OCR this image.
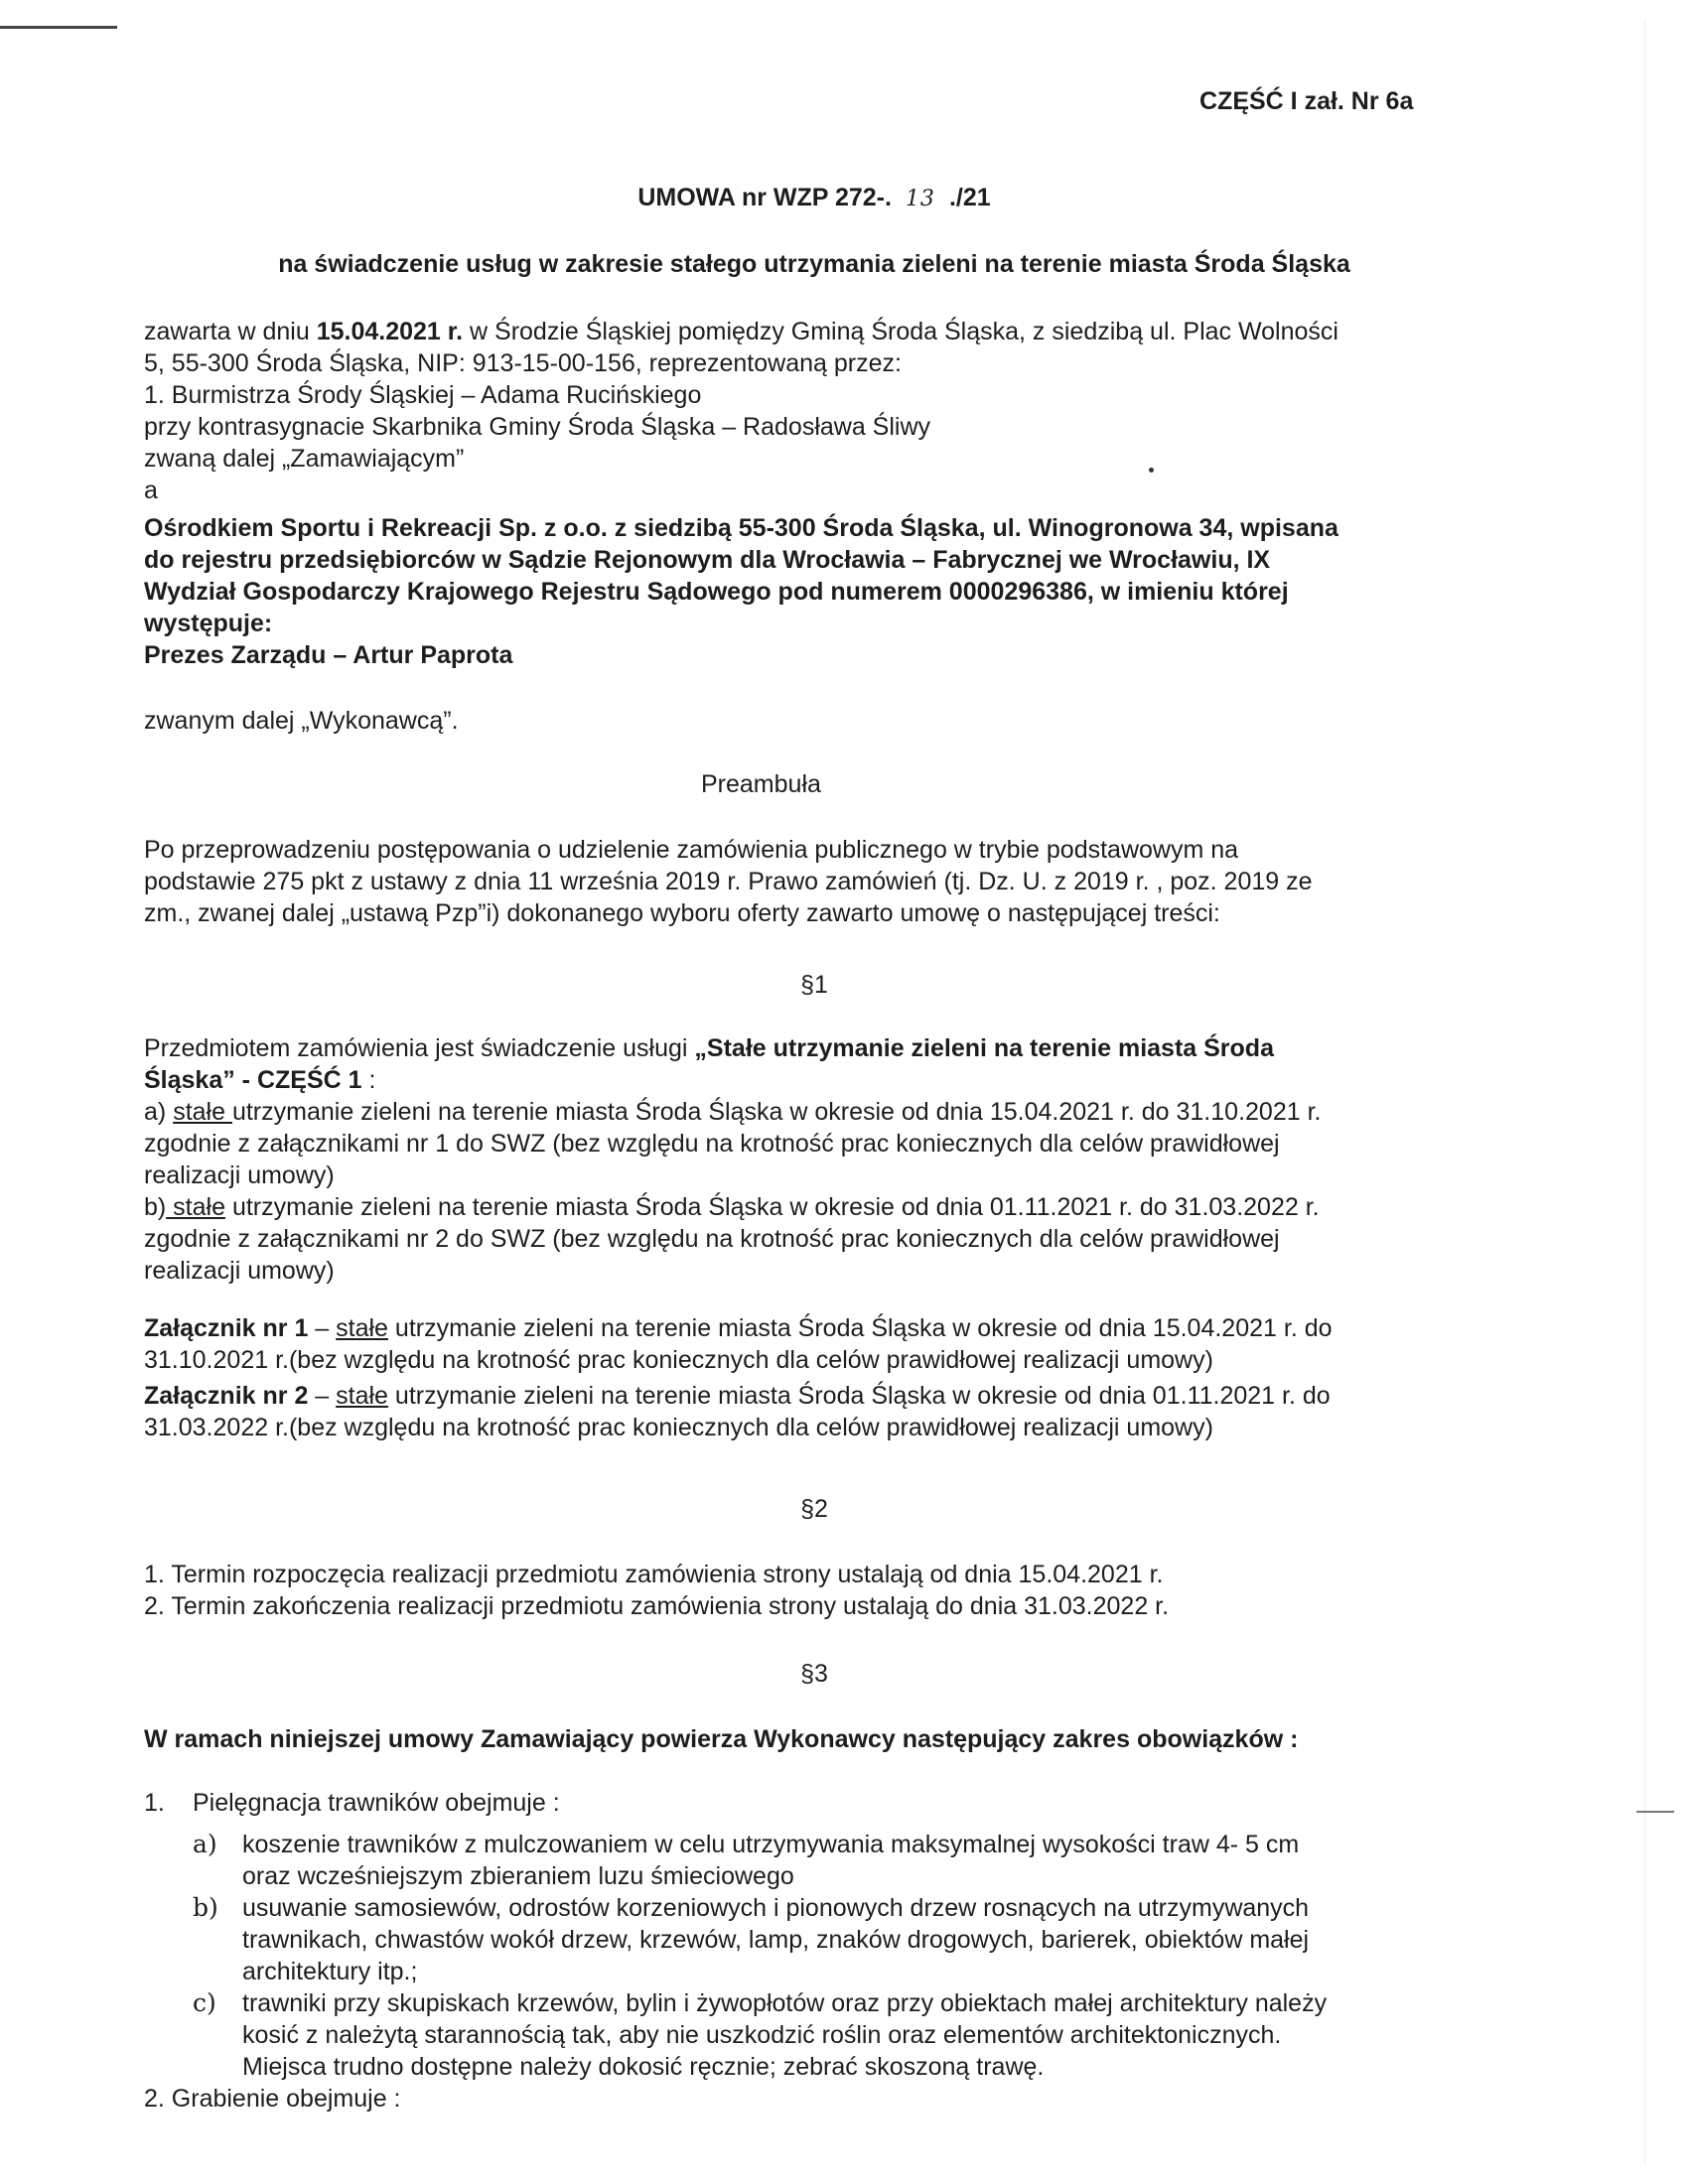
CZĘŚĆ I zał. Nr 6a
UMOWA nr WZP 272-. 13 ./21
na świadczenie usług w zakresie stałego utrzymania zieleni na terenie miasta Środa Śląska
zawarta w dniu 15.04.2021 r. w Środzie Śląskiej pomiędzy Gminą Środa Śląska, z siedzibą ul. Plac Wolności
5, 55-300 Środa Śląska, NIP: 913-15-00-156, reprezentowaną przez:
1. Burmistrza Środy Śląskiej – Adama Rucińskiego
przy kontrasygnacie Skarbnika Gminy Środa Śląska – Radosława Śliwy
zwaną dalej „Zamawiającym”
a
Ośrodkiem Sportu i Rekreacji Sp. z o.o. z siedzibą 55-300 Środa Śląska, ul. Winogronowa 34, wpisana
do rejestru przedsiębiorców w Sądzie Rejonowym dla Wrocławia – Fabrycznej we Wrocławiu, IX
Wydział Gospodarczy Krajowego Rejestru Sądowego pod numerem 0000296386, w imieniu której
występuje:
Prezes Zarządu – Artur Paprota
zwanym dalej „Wykonawcą”.
Preambuła
Po przeprowadzeniu postępowania o udzielenie zamówienia publicznego w trybie podstawowym na
podstawie 275 pkt z ustawy z dnia 11 września 2019 r. Prawo zamówień (tj. Dz. U. z 2019 r. , poz. 2019 ze
zm., zwanej dalej „ustawą Pzp”i) dokonanego wyboru oferty zawarto umowę o następującej treści:
§1
Przedmiotem zamówienia jest świadczenie usługi „Stałe utrzymanie zieleni na terenie miasta Środa
Śląska” - CZĘŚĆ 1 :
a) stałe utrzymanie zieleni na terenie miasta Środa Śląska w okresie od dnia 15.04.2021 r. do 31.10.2021 r.
zgodnie z załącznikami nr 1 do SWZ (bez względu na krotność prac koniecznych dla celów prawidłowej
realizacji umowy)
b) stałe utrzymanie zieleni na terenie miasta Środa Śląska w okresie od dnia 01.11.2021 r. do 31.03.2022 r.
zgodnie z załącznikami nr 2 do SWZ (bez względu na krotność prac koniecznych dla celów prawidłowej
realizacji umowy)
Załącznik nr 1 – stałe utrzymanie zieleni na terenie miasta Środa Śląska w okresie od dnia 15.04.2021 r. do
31.10.2021 r.(bez względu na krotność prac koniecznych dla celów prawidłowej realizacji umowy)
Załącznik nr 2 – stałe utrzymanie zieleni na terenie miasta Środa Śląska w okresie od dnia 01.11.2021 r. do
31.03.2022 r.(bez względu na krotność prac koniecznych dla celów prawidłowej realizacji umowy)
§2
1. Termin rozpoczęcia realizacji przedmiotu zamówienia strony ustalają od dnia 15.04.2021 r.
2. Termin zakończenia realizacji przedmiotu zamówienia strony ustalają do dnia 31.03.2022 r.
§3
W ramach niniejszej umowy Zamawiający powierza Wykonawcy następujący zakres obowiązków :
1. Pielęgnacja trawników obejmuje :
a) koszenie trawników z mulczowaniem w celu utrzymywania maksymalnej wysokości traw 4- 5 cm
oraz wcześniejszym zbieraniem luzu śmieciowego
b) usuwanie samosiewów, odrostów korzeniowych i pionowych drzew rosnących na utrzymywanych
trawnikach, chwastów wokół drzew, krzewów, lamp, znaków drogowych, barierek, obiektów małej
architektury itp.;
c) trawniki przy skupiskach krzewów, bylin i żywopłotów oraz przy obiektach małej architektury należy
kosić z należytą starannością tak, aby nie uszkodzić roślin oraz elementów architektonicznych.
Miejsca trudno dostępne należy dokosić ręcznie; zebrać skoszoną trawę.
2. Grabienie obejmuje :
